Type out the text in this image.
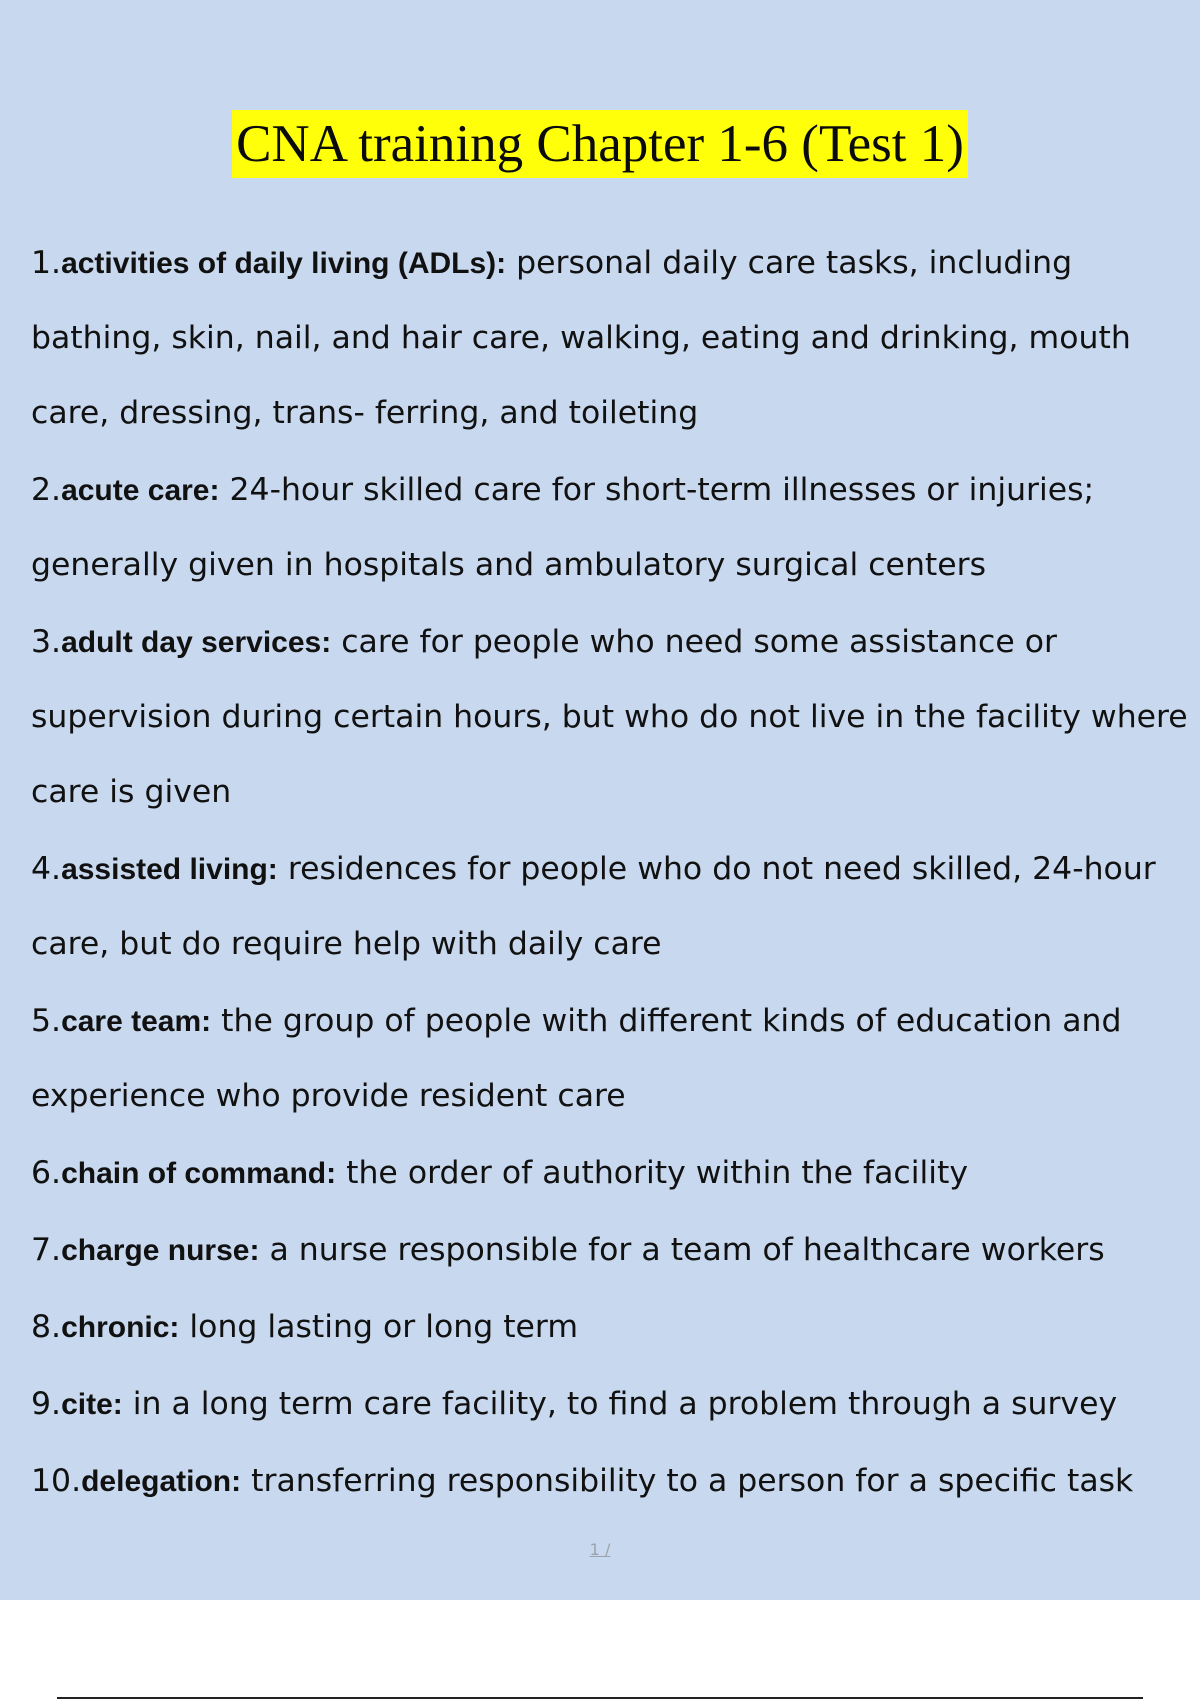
CNA training Chapter 1-6 (Test 1)
1.activities of daily living (ADLs): personal daily care tasks, including bathing, skin, nail, and hair care, walking, eating and drinking, mouth care, dressing, trans- ferring, and toileting
2.acute care: 24-hour skilled care for short-term illnesses or injuries; generally given in hospitals and ambulatory surgical centers
3.adult day services: care for people who need some assistance or supervision during certain hours, but who do not live in the facility where care is given
4.assisted living: residences for people who do not need skilled, 24-hour care, but do require help with daily care
5.care team: the group of people with different kinds of education and experience who provide resident care
6.chain of command: the order of authority within the facility
7.charge nurse: a nurse responsible for a team of healthcare workers
8.chronic: long lasting or long term
9.cite: in a long term care facility, to find a problem through a survey
10.delegation: transferring responsibility to a person for a specific task
1 /
